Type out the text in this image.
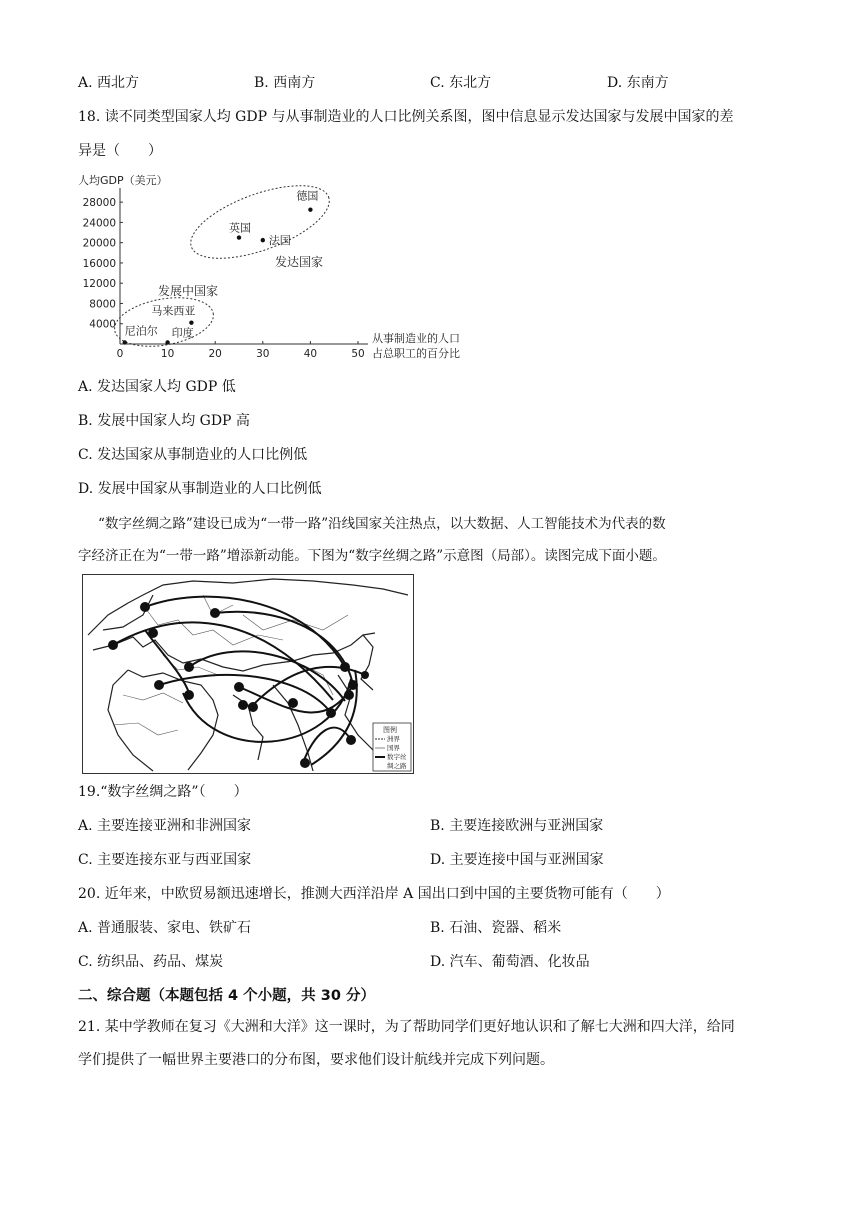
A. 西北方	B. 西南方	C. 东北方	D. 东南方
18. 读不同类型国家人均 GDP 与从事制造业的人口比例关系图，图中信息显示发达国家与发展中国家的差
异是（　　）
人均GDP（美元）
28000
24000
20000
16000
12000
8000
4000
0	10	20	30	40	50
发达国家
发展中国家
德国
英国
法国
马来西亚
尼泊尔 印度	从事制造业的人口
占总职工的百分比
A. 发达国家人均 GDP 低
B. 发展中国家人均 GDP 高
C. 发达国家从事制造业的人口比例低
D. 发展中国家从事制造业的人口比例低
“数字丝绸之路”建设已成为“一带一路”沿线国家关注热点，以大数据、人工智能技术为代表的数
字经济正在为“一带一路”增添新动能。下图为“数字丝绸之路”示意图（局部）。读图完成下面小题。
图例
洲界
国界
数字丝
绸之路
19.“数字丝绸之路”（　　）
A. 主要连接亚洲和非洲国家	B. 主要连接欧洲与亚洲国家
C. 主要连接东亚与西亚国家	D. 主要连接中国与亚洲国家
20. 近年来，中欧贸易额迅速增长，推测大西洋沿岸 A 国出口到中国的主要货物可能有（　　）
A. 普通服装、家电、铁矿石	B. 石油、瓷器、稻米
C. 纺织品、药品、煤炭	D. 汽车、葡萄酒、化妆品
二、综合题（本题包括 4 个小题，共 30 分）
21. 某中学教师在复习《大洲和大洋》这一课时，为了帮助同学们更好地认识和了解七大洲和四大洋，给同
学们提供了一幅世界主要港口的分布图，要求他们设计航线并完成下列问题。
